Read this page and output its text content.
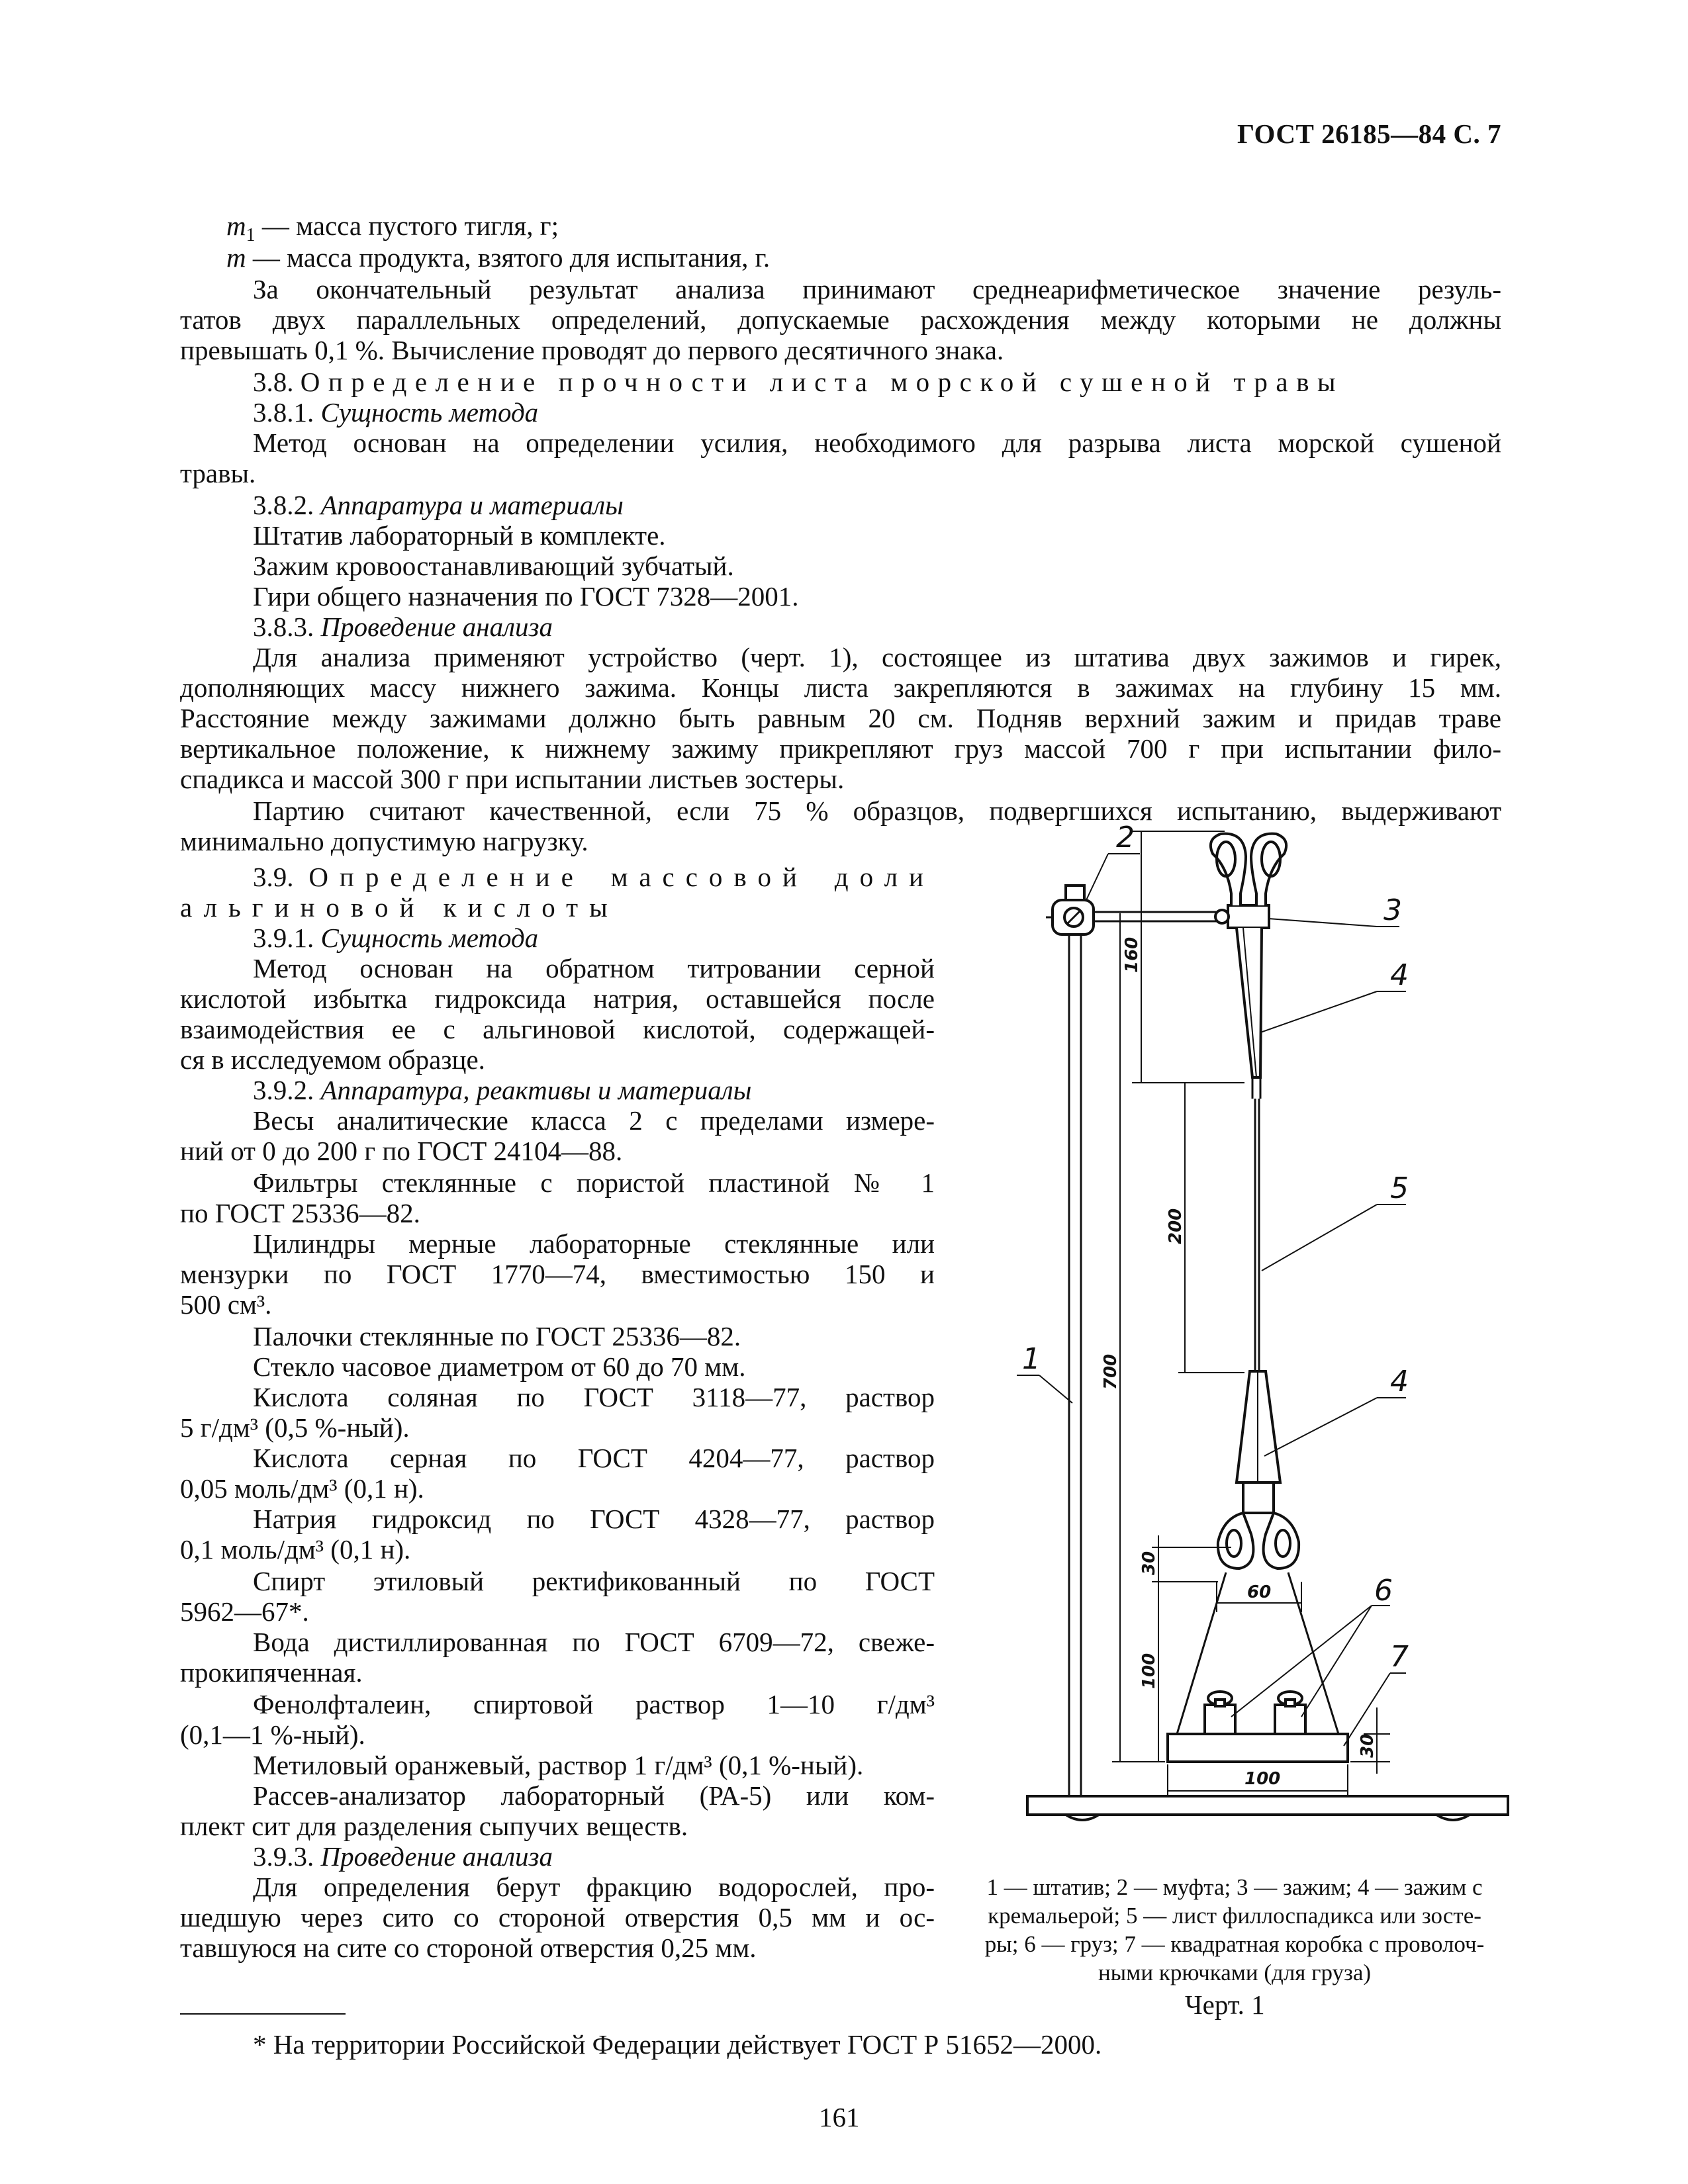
ГОСТ 26185—84 С. 7
$m_1$ — масса пустого тигля, г;
m — масса продукта, взятого для испытания, г.
За окончательный результат анализа принимают среднеарифметическое значение резуль-
татов двух параллельных определений, допускаемые расхождения между которыми не должны
превышать 0,1 %. Вычисление проводят до первого десятичного знака.
3.8. Определение прочности листа морской сушеной травы
3.8.1. Сущность метода
Метод основан на определении усилия, необходимого для разрыва листа морской сушеной
травы.
3.8.2. Аппаратура и материалы
Штатив лабораторный в комплекте.
Зажим кровоостанавливающий зубчатый.
Гири общего назначения по ГОСТ 7328—2001.
3.8.3. Проведение анализа
Для анализа применяют устройство (черт. 1), состоящее из штатива двух зажимов и гирек,
дополняющих массу нижнего зажима. Концы листа закрепляются в зажимах на глубину 15 мм.
Расстояние между зажимами должно быть равным 20 см. Подняв верхний зажим и придав траве
вертикальное положение, к нижнему зажиму прикрепляют груз массой 700 г при испытании фило-
спадикса и массой 300 г при испытании листьев зостеры.
Партию считают качественной, если 75 % образцов, подвергшихся испытанию, выдерживают
минимально допустимую нагрузку.
3.9. Определение массовой доли
альгиновой кислоты
3.9.1. Сущность метода
Метод основан на обратном титровании серной
кислотой избытка гидроксида натрия, оставшейся после
взаимодействия ее с альгиновой кислотой, содержащей-
ся в исследуемом образце.
3.9.2. Аппаратура, реактивы и материалы
Весы аналитические класса 2 с пределами измере-
ний от 0 до 200 г по ГОСТ 24104—88.
Фильтры стеклянные с пористой пластиной № 1
по ГОСТ 25336—82.
Цилиндры мерные лабораторные стеклянные или
мензурки по ГОСТ 1770—74, вместимостью 150 и
500 см³.
Палочки стеклянные по ГОСТ 25336—82.
Стекло часовое диаметром от 60 до 70 мм.
Кислота соляная по ГОСТ 3118—77, раствор
5 г/дм³ (0,5 %-ный).
Кислота серная по ГОСТ 4204—77, раствор
0,05 моль/дм³ (0,1 н).
Натрия гидроксид по ГОСТ 4328—77, раствор
0,1 моль/дм³ (0,1 н).
Спирт этиловый ректификованный по ГОСТ
5962—67*.
Вода дистиллированная по ГОСТ 6709—72, свеже-
прокипяченная.
Фенолфталеин, спиртовой раствор 1—10 г/дм³
(0,1—1 %-ный).
Метиловый оранжевый, раствор 1 г/дм³ (0,1 %-ный).
Рассев-анализатор лабораторный (РА-5) или ком-
плект сит для разделения сыпучих веществ.
3.9.3. Проведение анализа
Для определения берут фракцию водорослей, про-
шедшую через сито со стороной отверстия 0,5 мм и ос-
тавшуюся на сите со стороной отверстия 0,25 мм.
2
3
4
5
4
1
6
7
160
200
700
30
60
100
30
100
1 — штатив; 2 — муфта; 3 — зажим; 4 — зажим с
кремальерой; 5 — лист филлоспадикса или зосте-
ры; 6 — груз; 7 — квадратная коробка с проволоч-
ными крючками (для груза)
Черт. 1
* На территории Российской Федерации действует ГОСТ Р 51652—2000.
161
